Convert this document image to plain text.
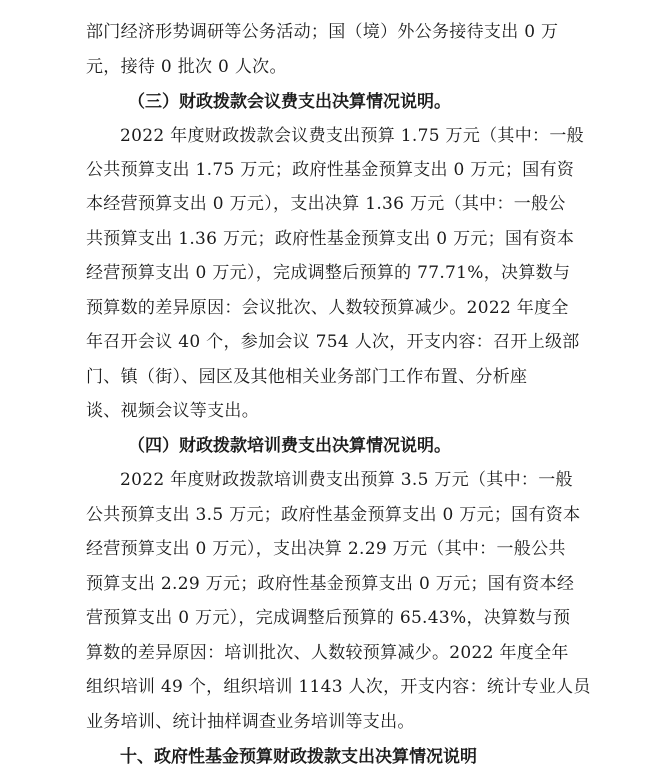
部门经济形势调研等公务活动；国（境）外公务接待支出 0 万
元，接待 0 批次 0 人次。
（三）财政拨款会议费支出决算情况说明。
2022 年度财政拨款会议费支出预算 1.75 万元（其中：一般
公共预算支出 1.75 万元；政府性基金预算支出 0 万元；国有资
本经营预算支出 0 万元），支出决算 1.36 万元（其中：一般公
共预算支出 1.36 万元；政府性基金预算支出 0 万元；国有资本
经营预算支出 0 万元），完成调整后预算的 77.71%，决算数与
预算数的差异原因：会议批次、人数较预算减少。2022 年度全
年召开会议 40 个，参加会议 754 人次，开支内容：召开上级部
门、镇（街）、园区及其他相关业务部门工作布置、分析座
谈、视频会议等支出。
（四）财政拨款培训费支出决算情况说明。
2022 年度财政拨款培训费支出预算 3.5 万元（其中：一般
公共预算支出 3.5 万元；政府性基金预算支出 0 万元；国有资本
经营预算支出 0 万元），支出决算 2.29 万元（其中：一般公共
预算支出 2.29 万元；政府性基金预算支出 0 万元；国有资本经
营预算支出 0 万元），完成调整后预算的 65.43%，决算数与预
算数的差异原因：培训批次、人数较预算减少。2022 年度全年
组织培训 49 个，组织培训 1143 人次，开支内容：统计专业人员
业务培训、统计抽样调查业务培训等支出。
十、政府性基金预算财政拨款支出决算情况说明
